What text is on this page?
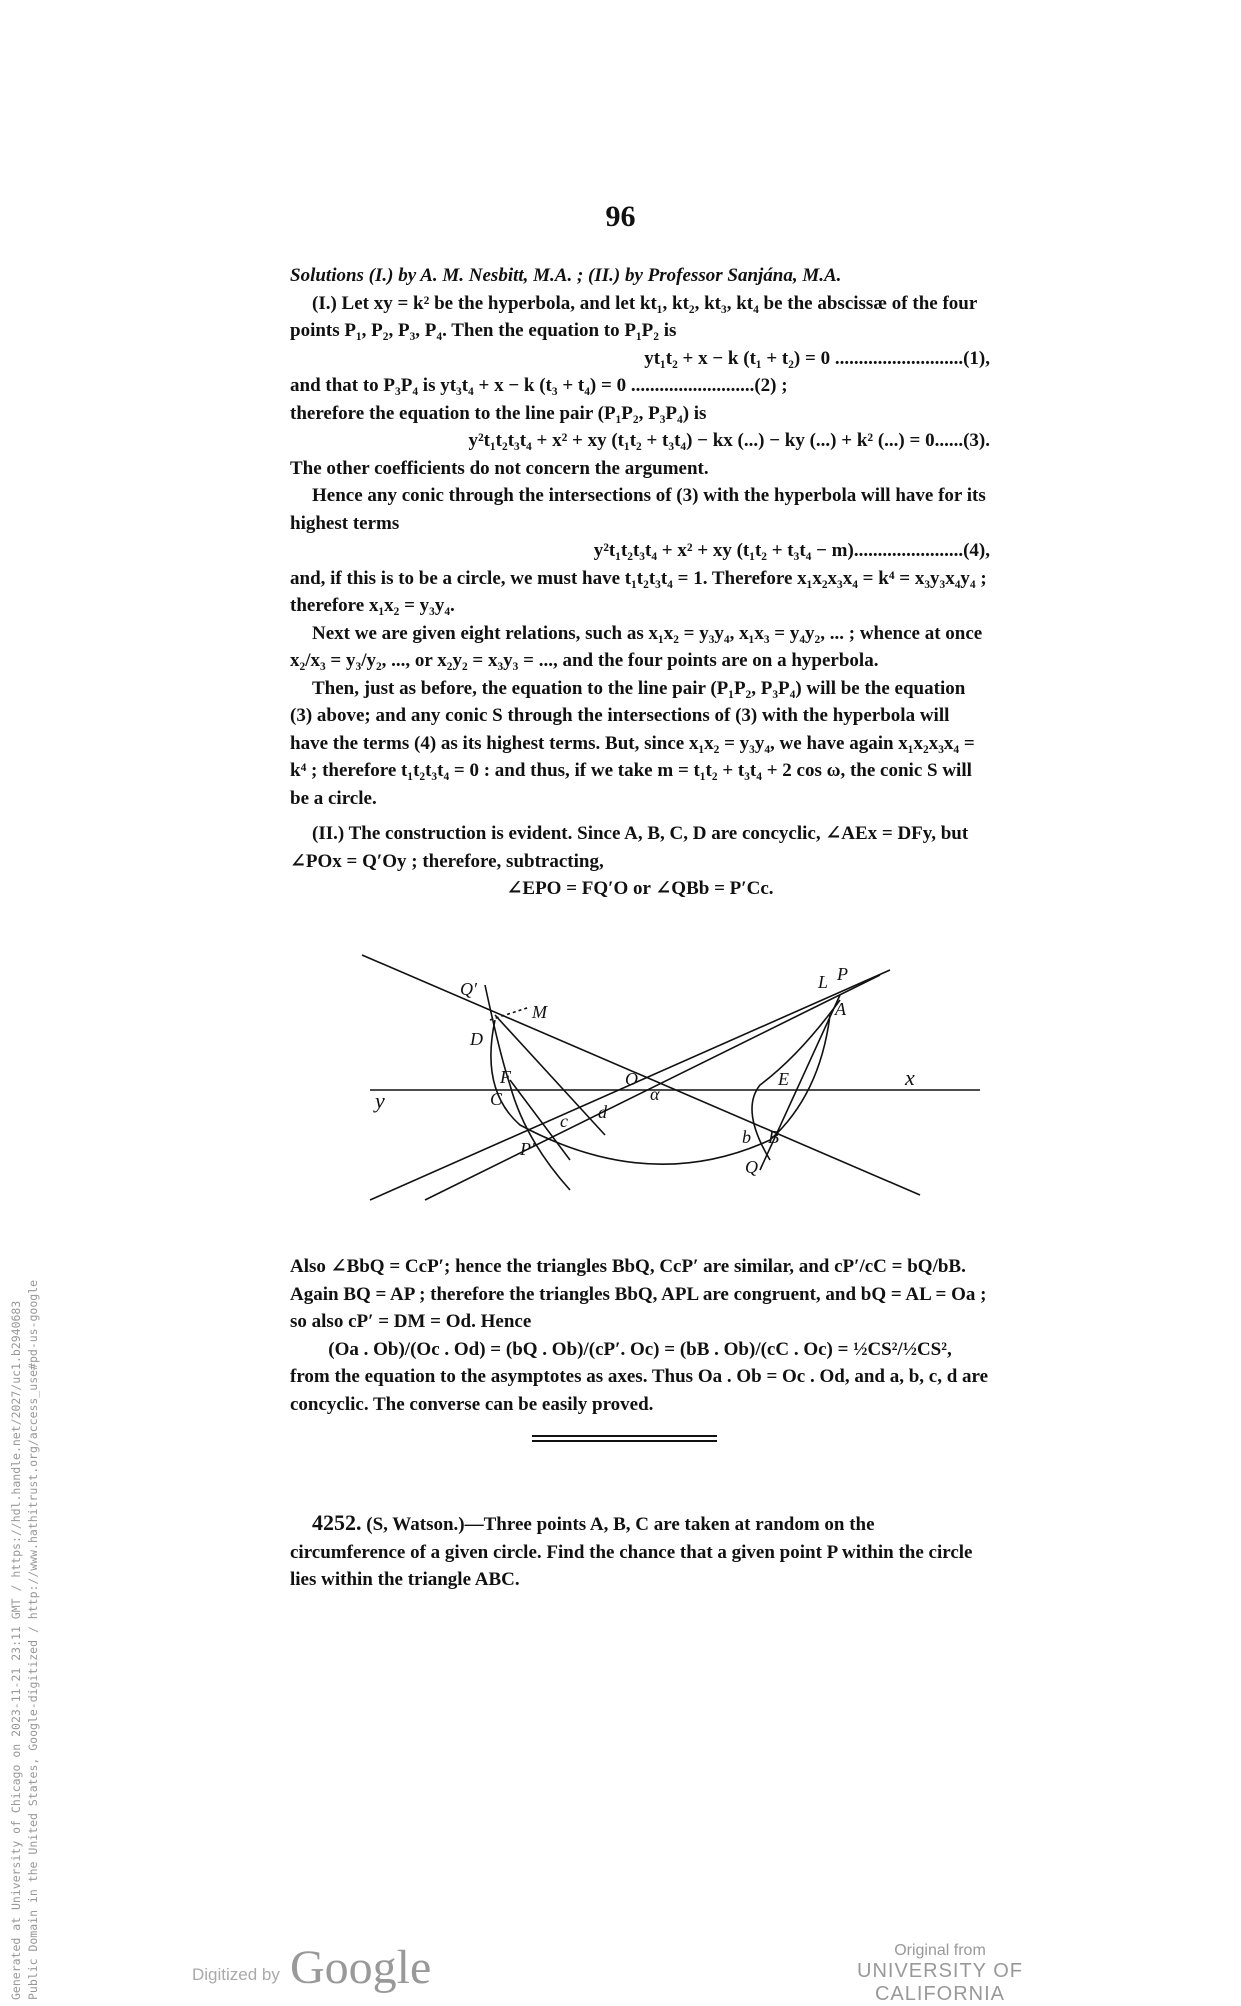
96

Solutions (I.) by A. M. Nesbitt, M.A. ; (II.) by Professor Sanjána, M.A.

(I.) Let xy = k² be the hyperbola, and let kt₁, kt₂, kt₃, kt₄ be the abscissæ of the four points P₁, P₂, P₃, P₄. Then the equation to P₁P₂ is

yt₁t₂ + x − k (t₁ + t₂) = 0 ...........................(1),
and that to P₃P₄ is yt₃t₄ + x − k (t₃ + t₄) = 0 ..........................(2) ;
therefore the equation to the line pair (P₁P₂, P₃P₄) is
y²t₁t₂t₃t₄ + x² + xy (t₁t₂ + t₃t₄) − kx (...) − ky (...) + k² (...) = 0......(3).
The other coefficients do not concern the argument.

Hence any conic through the intersections of (3) with the hyperbola will have for its highest terms

y²t₁t₂t₃t₄ + x² + xy (t₁t₂ + t₃t₄ − m).......................(4),

and, if this is to be a circle, we must have t₁t₂t₃t₄ = 1. Therefore x₁x₂x₃x₄ = k⁴ = x₃y₃x₄y₄ ; therefore x₁x₂ = y₃y₄.

Next we are given eight relations, such as x₁x₂ = y₃y₄, x₁x₃ = y₄y₂, ... ; whence at once x₂/x₃ = y₃/y₂, ..., or x₂y₂ = x₃y₃ = ..., and the four points are on a hyperbola.

Then, just as before, the equation to the line pair (P₁P₂, P₃P₄) will be the equation (3) above; and any conic S through the intersections of (3) with the hyperbola will have the terms (4) as its highest terms. But, since x₁x₂ = y₃y₄, we have again x₁x₂x₃x₄ = k⁴ ; therefore t₁t₂t₃t₄ = 0 : and thus, if we take m = t₁t₂ + t₃t₄ + 2 cos ω, the conic S will be a circle.

(II.) The construction is evident. Since A, B, C, D are concyclic, ∠AEx = DFy, but ∠POx = Q′Oy ; therefore, subtracting,

∠EPO = FQ′O or ∠QBb = P′Cc.
Q′
M
D
F
C
y
P′
c d
O
α
L P
A
E	x
b B
Q

Also ∠BbQ = CcP′; hence the triangles BbQ, CcP′ are similar, and cP′/cC = bQ/bB. Again BQ = AP ; therefore the triangles BbQ, APL are congruent, and bQ = AL = Oa ; so also cP′ = DM = Od. Hence

(Oa . Ob)/(Oc . Od) = (bQ . Ob)/(cP′. Oc) = (bB . Ob)/(cC . Oc) = ½CS²/½CS²,

from the equation to the asymptotes as axes. Thus Oa . Ob = Oc . Od, and a, b, c, d are concyclic. The converse can be easily proved.

4252. (S, Watson.)—Three points A, B, C are taken at random on the circumference of a given circle. Find the chance that a given point P within the circle lies within the triangle ABC.

Generated at University of Chicago on 2023-11-21 23:11 GMT / https://hdl.handle.net/2027/uc1.b2940683 Public Domain in the United States, Google-digitized / http://www.hathitrust.org/access_use#pd-us-google	Digitized by Google	Original from
UNIVERSITY OF CALIFORNIA
